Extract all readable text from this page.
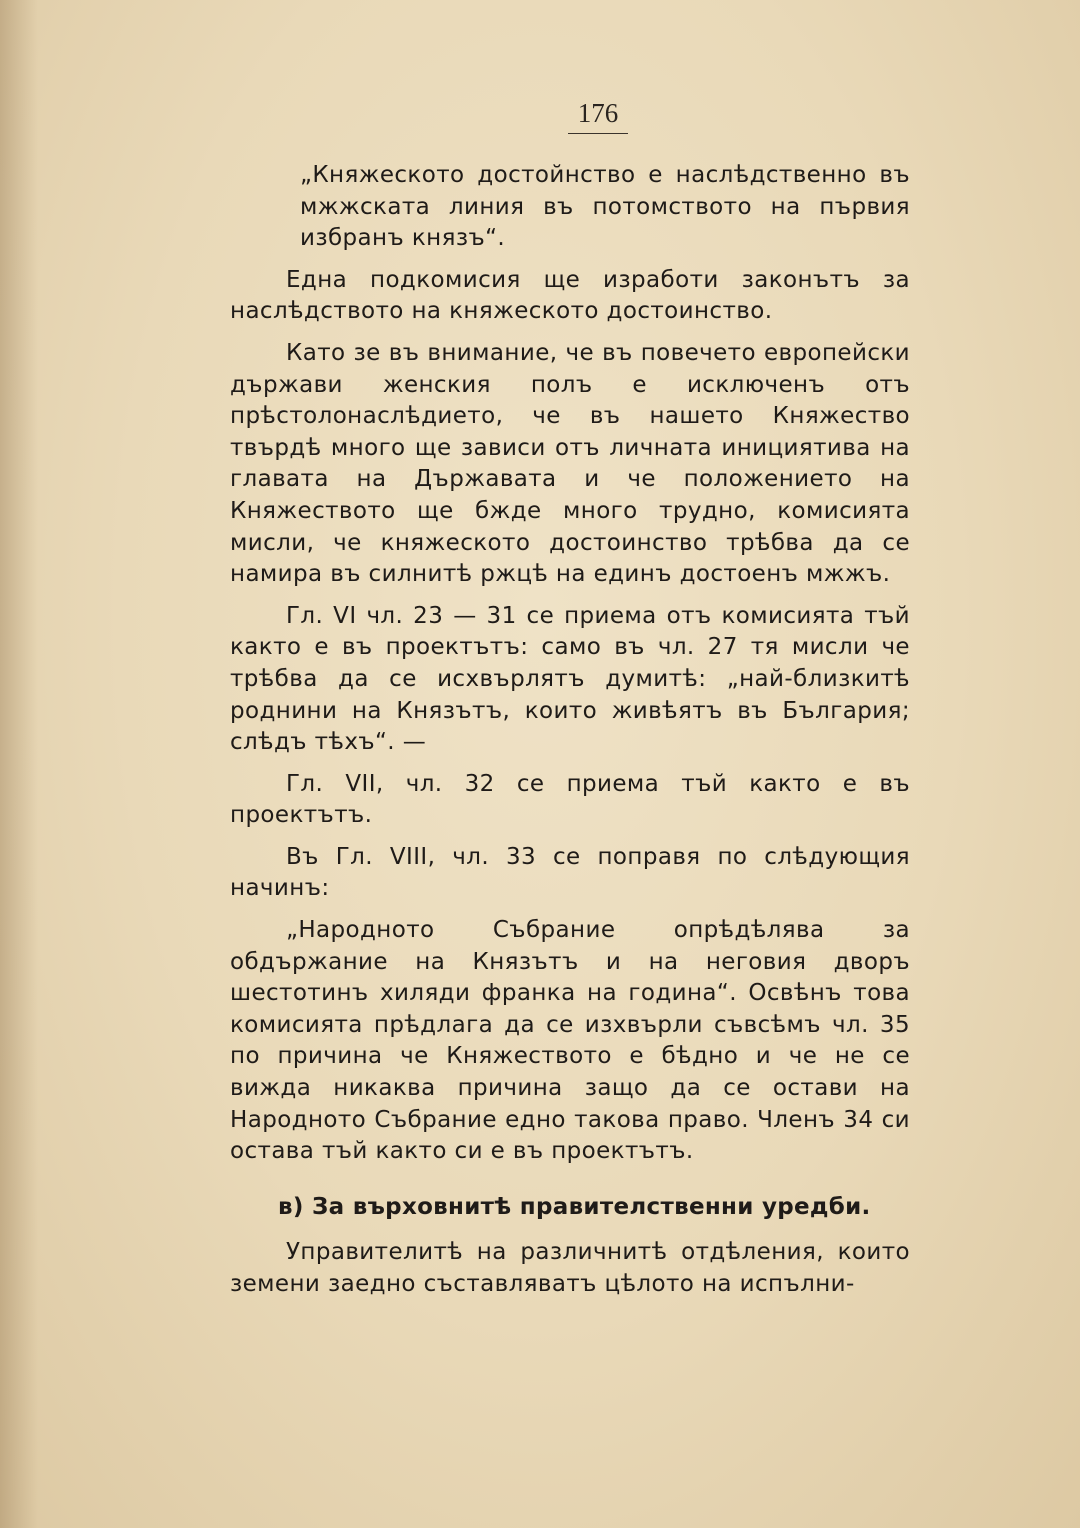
176

„Княжеското достойнство е наслѣдственно въ мжжската линия въ потомството на първия избранъ князъ“.

Една подкомисия ще изработи законътъ за наслѣдството на княжеското достоинство.

Като зе въ внимание, че въ повечето европейски държави женския полъ е исключенъ отъ прѣстолонаслѣдието, че въ нашето Княжество твърдѣ много ще зависи отъ личната инициятива на главата на Държавата и че положението на Княжеството ще бжде много трудно, комисията мисли, че княжеското достоинство трѣбва да се намира въ силнитѣ ржцѣ на единъ достоенъ мжжъ.

Гл. VI чл. 23 — 31 се приема отъ комисията тъй както е въ проектътъ: само въ чл. 27 тя мисли че трѣбва да се исхвърлятъ думитѣ: „най-близкитѣ роднини на Князътъ, които живѣятъ въ България; слѣдъ тѣхъ“. —

Гл. VII, чл. 32 се приема тъй както е въ проектътъ.

Въ Гл. VIII, чл. 33 се поправя по слѣдующия начинъ:

„Народното Събрание опрѣдѣлява за обдържание на Князътъ и на неговия дворъ шестотинъ хиляди франка на година“. Освѣнъ това комисията прѣдлага да се изхвърли съвсѣмъ чл. 35 по причина че Княжеството е бѣдно и че не се вижда никаква причина защо да се остави на Народното Събрание едно такова право. Членъ 34 си остава тъй както си е въ проектътъ.

в) За върховнитѣ правителственни уредби.

Управителитѣ на различнитѣ отдѣления, които земени заедно съставляватъ цѣлото на испълни-
